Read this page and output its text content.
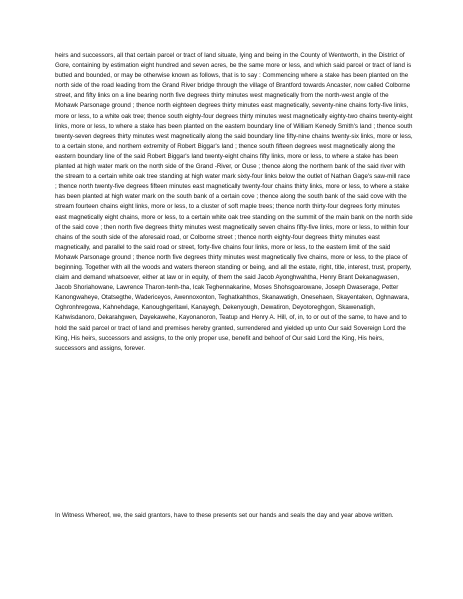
heirs and successors, all that certain parcel or tract of land situate, lying and being in the County of Wentworth, in the District of Gore, containing by estimation eight hundred and seven acres, be the same more or less, and which said parcel or tract of land is butted and bounded, or may be otherwise known as follows, that is to say : Commencing where a stake has been planted on the north side of the road leading from the Grand River bridge through the village of Brantford towards Ancaster, now called Colborne street, and fifty links on a line bearing north five degrees thirty minutes west magnetically from the north-west angle of the Mohawk Parsonage ground ; thence north eighteen degrees thirty minutes east magnetically, seventy-nine chains forty-five links, more or less, to a white oak tree; thence south eighty-four degrees thirty minutes west magnetically eighty-two chains twenty-eight links, more or less, to where a stake has been planted on the eastern boundary line of William Kenedy Smith's land ; thence south twenty-seven degrees thirty minutes west magnetically along the said boundary line fifty-nine chains twenty-six links, more or less, to a certain stone, and northern extremity of Robert Biggar's land ; thence south fifteen degrees west magnetically along the eastern boundary line of the said Robert Biggar's land twenty-eight chains fifty links, more or less, to where a stake has been planted at high water mark on the north side of the Grand -River, or Ouse ; thence along the northern bank of the said river with the stream to a certain white oak tree standing at high water mark sixty-four links below the outlet of Nathan Gage's saw-mill race ; thence north twenty-five degrees fifteen minutes east magnetically twenty-four chains thirty links, more or less, to where a stake has been planted at high water mark on the south bank of a certain cove ; thence along the south bank of the said cove with the stream fourteen chains eight links, more or less, to a cluster of soft maple trees; thence north thirty-four degrees forty minutes east magnetically eight chains, more or less, to a certain white oak tree standing on the summit of the main bank on the north side of the said cove ; then north five degrees thirty minutes west magnetically seven chains fifty-five links, more or less, to within four chains of the south side of the aforesaid road, or Colborne street ; thence north eighty-four degrees thirty minutes east magnetically, and parallel to the said road or street, forty-five chains four links, more or less, to the eastern limit of the said Mohawk Parsonage ground ; thence north five degrees thirty minutes west magnetically five chains, more or less, to the place of beginning. Together with all the woods and waters thereon standing or being, and all the estate, right, title, interest, trust, property, claim and demand whatsoever, either at law or in equity, of them the said Jacob Ayonghwahtha, Henry Brant Dekanagwasen, Jacob Shoriahowane, Lawrence Tharon-tenh-tha, Icak Teghennakarine, Moses Shohsgoarowane, Joseph Dwaserage, Petter Kanongwaheye, Otatsegthe, Wadericeyos, Awennoxonton, Teghatkahthos, Skanawatigh, Onesehaen, Skayentaken, Oghnawara, Oghronhregowa, Kahnehdage, Kanoughgeritawi, Kanayegh, Dekenyough, Dewatiron, Deyotoreghgon, Skawenatigh, Kahwisdanoro, Dekarahgwen, Dayekawehe, Kayonanoron, Teatup and Henry A. Hill, of, in, to or out of the same, to have and to hold the said parcel or tract of land and premises hereby granted, surrendered and yielded up unto Our said Sovereign Lord the King, His heirs, successors and assigns, to the only proper use, benefit and behoof of Our said Lord the King, His heirs, successors and assigns, forever.

In Witness Whereof, we, the said grantors, have to these presents set our hands and seals the day and year above written.
